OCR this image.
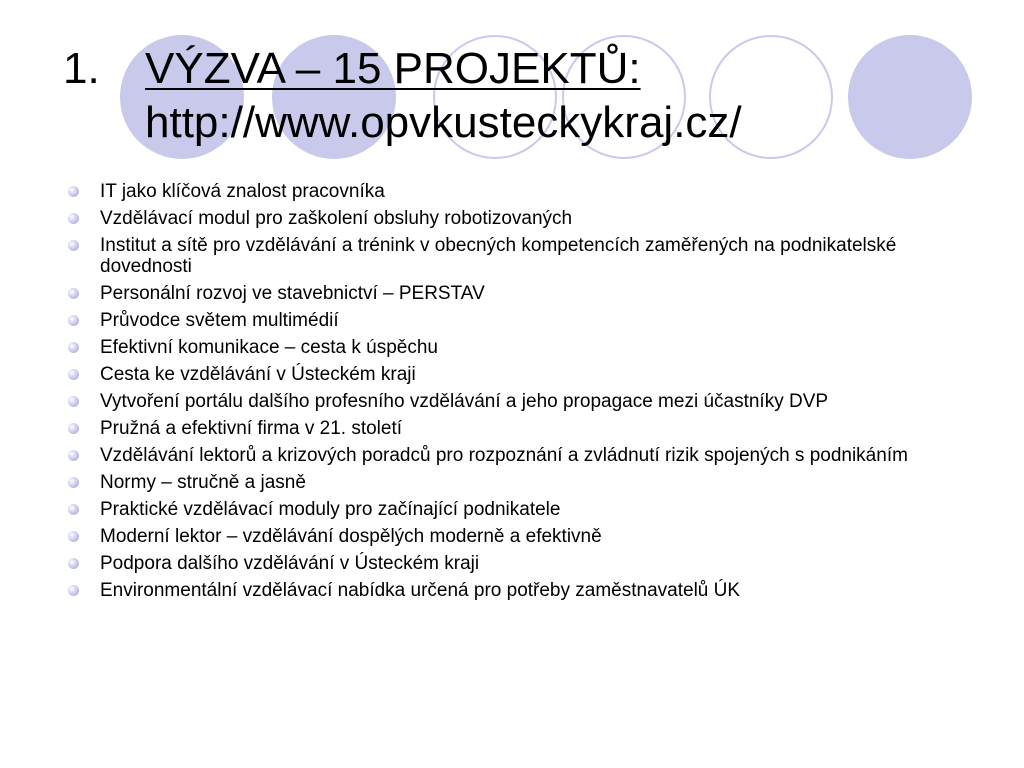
1. VÝZVA – 15 PROJEKTŮ:
http://www.opvkusteckykraj.cz/
IT jako klíčová znalost pracovníka
Vzdělávací modul pro zaškolení obsluhy robotizovaných
Institut a sítě pro vzdělávání a trénink v obecných kompetencích zaměřených na podnikatelské dovednosti
Personální rozvoj ve stavebnictví – PERSTAV
Průvodce světem multimédií
Efektivní komunikace – cesta k úspěchu
Cesta ke vzdělávání v Ústeckém kraji
Vytvoření portálu dalšího profesního vzdělávání a jeho propagace mezi účastníky DVP
Pružná a efektivní firma v 21. století
Vzdělávání lektorů a krizových poradců pro rozpoznání a zvládnutí rizik spojených s podnikáním
Normy – stručně a jasně
Praktické vzdělávací moduly pro začínající podnikatele
Moderní lektor – vzdělávání dospělých moderně a efektivně
Podpora dalšího vzdělávání v Ústeckém kraji
Environmentální vzdělávací nabídka určená pro potřeby zaměstnavatelů ÚK
